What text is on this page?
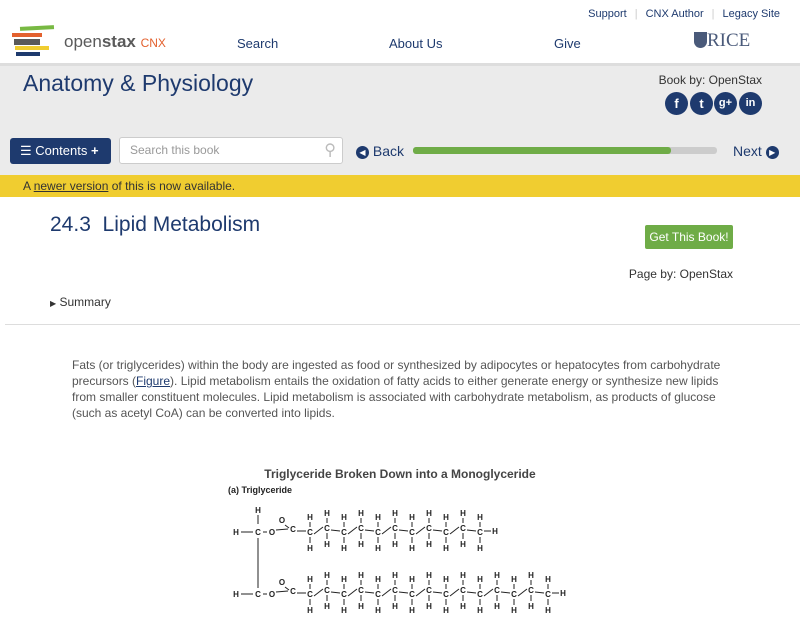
Support | CNX Author | Legacy Site
openstax CNX	Search	About Us	Give	RICE
Anatomy & Physiology	Book by: OpenStax
f	t	g+	in
☰ Contents +	Search this book	⚲	◀ Back	Next ▶
A newer version of this is now available.
24.3 Lipid Metabolism
Get This Book!
Page by: OpenStax
▶ Summary
Fats (or triglycerides) within the body are ingested as food or synthesized by adipocytes or hepatocytes from carbohydrate precursors (Figure). Lipid metabolism entails the oxidation of fatty acids to either generate energy or synthesize new lipids from smaller constituent molecules. Lipid metabolism is associated with carbohydrate metabolism, as products of glucose (such as acetyl CoA) can be converted into lipids.
Triglyceride Broken Down into a Monoglyceride
(a) Triglyceride
H
H C O
O
C C
H
H
C
H
H
C
H
H
C
H
H
C
H
H
C
H
H
C
H
H
C
H
H
C
H
H
C
H
H
C
H
H
H
H C O
O
C C
H
H
C
H
H
C
H
H
C
H
H
C
H
H
C
H
H
C
H
H
C
H
H
C
H
H
C
H
H
C
H
H
C
H
H
C
H
H
C
H
H
C
H
H
H
